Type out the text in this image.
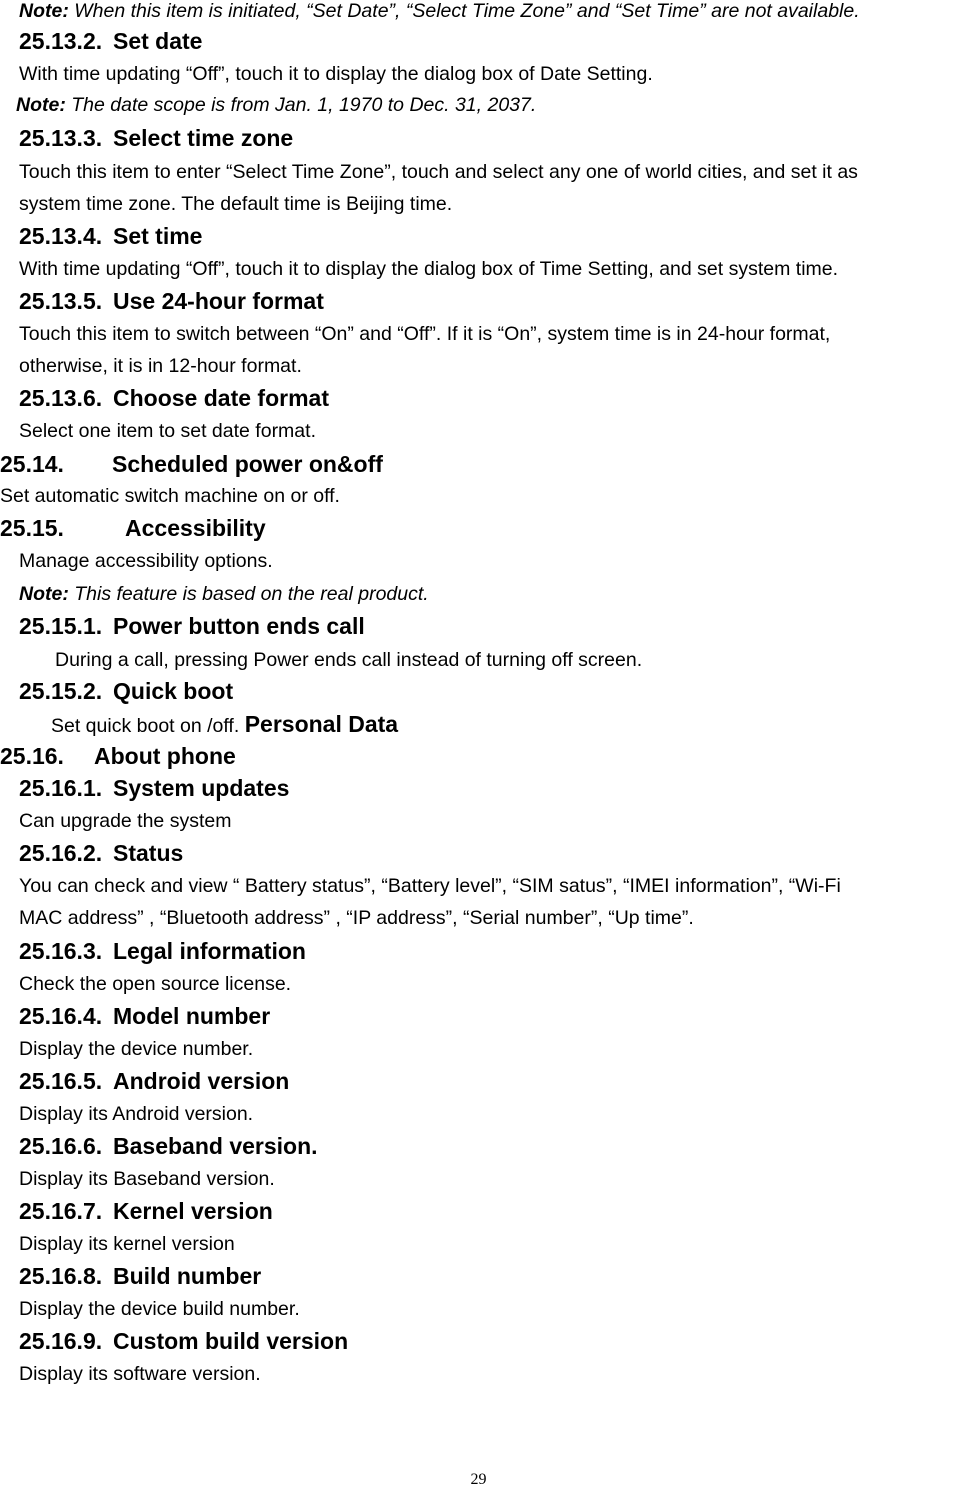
Note: When this item is initiated, “Set Date”, “Select Time Zone” and “Set Time” are not available.
25.13.2. Set date
With time updating “Off”, touch it to display the dialog box of Date Setting.
Note: The date scope is from Jan. 1, 1970 to Dec. 31, 2037.
25.13.3. Select time zone
Touch this item to enter “Select Time Zone”, touch and select any one of world cities, and set it as
system time zone. The default time is Beijing time.
25.13.4. Set time
With time updating “Off”, touch it to display the dialog box of Time Setting, and set system time.
25.13.5. Use 24-hour format
Touch this item to switch between “On” and “Off”. If it is “On”, system time is in 24-hour format,
otherwise, it is in 12-hour format.
25.13.6. Choose date format
Select one item to set date format.
25.14. Scheduled power on&off
Set automatic switch machine on or off.
25.15.	Accessibility
Manage accessibility options.
Note: This feature is based on the real product.
25.15.1. Power button ends call
During a call, pressing Power ends call instead of turning off screen.
25.15.2. Quick boot
Set quick boot on /off. Personal Data
25.16. About phone
25.16.1. System updates
Can upgrade the system
25.16.2. Status
You can check and view “ Battery status”, “Battery level”, “SIM satus”, “IMEI information”, “Wi-Fi
MAC address” , “Bluetooth address” , “IP address”, “Serial number”, “Up time”.
25.16.3. Legal information
Check the open source license.
25.16.4. Model number
Display the device number.
25.16.5. Android version
Display its Android version.
25.16.6. Baseband version.
Display its Baseband version.
25.16.7. Kernel version
Display its kernel version
25.16.8. Build number
Display the device build number.
25.16.9. Custom build version
Display its software version.
29
